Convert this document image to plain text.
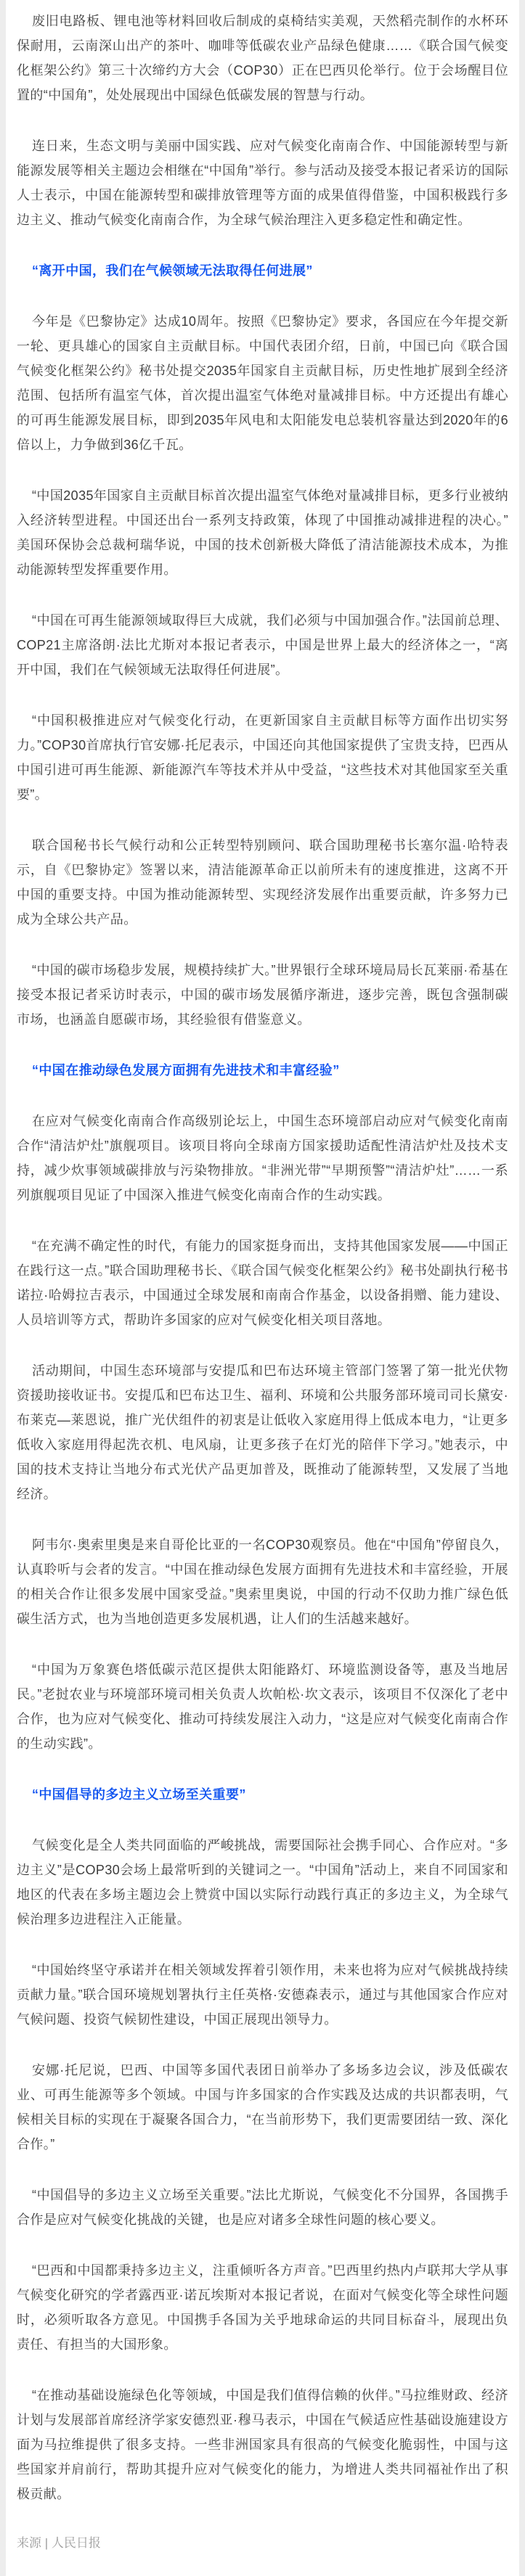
废旧电路板、锂电池等材料回收后制成的桌椅结实美观，天然稻壳制作的水杯环保耐用，云南深山出产的茶叶、咖啡等低碳农业产品绿色健康……《联合国气候变化框架公约》第三十次缔约方大会（COP30）正在巴西贝伦举行。位于会场醒目位置的“中国角”，处处展现出中国绿色低碳发展的智慧与行动。

连日来，生态文明与美丽中国实践、应对气候变化南南合作、中国能源转型与新能源发展等相关主题边会相继在“中国角”举行。参与活动及接受本报记者采访的国际人士表示，中国在能源转型和碳排放管理等方面的成果值得借鉴，中国积极践行多边主义、推动气候变化南南合作，为全球气候治理注入更多稳定性和确定性。

“离开中国，我们在气候领域无法取得任何进展”

今年是《巴黎协定》达成10周年。按照《巴黎协定》要求，各国应在今年提交新一轮、更具雄心的国家自主贡献目标。中国代表团介绍，日前，中国已向《联合国气候变化框架公约》秘书处提交2035年国家自主贡献目标，历史性地扩展到全经济范围、包括所有温室气体，首次提出温室气体绝对量减排目标。中方还提出有雄心的可再生能源发展目标，即到2035年风电和太阳能发电总装机容量达到2020年的6倍以上，力争做到36亿千瓦。

“中国2035年国家自主贡献目标首次提出温室气体绝对量减排目标，更多行业被纳入经济转型进程。中国还出台一系列支持政策，体现了中国推动减排进程的决心。”美国环保协会总裁柯瑞华说，中国的技术创新极大降低了清洁能源技术成本，为推动能源转型发挥重要作用。

“中国在可再生能源领域取得巨大成就，我们必须与中国加强合作。”法国前总理、COP21主席洛朗·法比尤斯对本报记者表示，中国是世界上最大的经济体之一，“离开中国，我们在气候领域无法取得任何进展”。

“中国积极推进应对气候变化行动，在更新国家自主贡献目标等方面作出切实努力。”COP30首席执行官安娜·托尼表示，中国还向其他国家提供了宝贵支持，巴西从中国引进可再生能源、新能源汽车等技术并从中受益，“这些技术对其他国家至关重要”。

联合国秘书长气候行动和公正转型特别顾问、联合国助理秘书长塞尔温·哈特表示，自《巴黎协定》签署以来，清洁能源革命正以前所未有的速度推进，这离不开中国的重要支持。中国为推动能源转型、实现经济发展作出重要贡献，许多努力已成为全球公共产品。

“中国的碳市场稳步发展，规模持续扩大。”世界银行全球环境局局长瓦莱丽·希基在接受本报记者采访时表示，中国的碳市场发展循序渐进，逐步完善，既包含强制碳市场，也涵盖自愿碳市场，其经验很有借鉴意义。

“中国在推动绿色发展方面拥有先进技术和丰富经验”

在应对气候变化南南合作高级别论坛上，中国生态环境部启动应对气候变化南南合作“清洁炉灶”旗舰项目。该项目将向全球南方国家援助适配性清洁炉灶及技术支持，减少炊事领域碳排放与污染物排放。“非洲光带”“早期预警”“清洁炉灶”……一系列旗舰项目见证了中国深入推进气候变化南南合作的生动实践。

“在充满不确定性的时代，有能力的国家挺身而出，支持其他国家发展——中国正在践行这一点。”联合国助理秘书长、《联合国气候变化框架公约》秘书处副执行秘书诺拉·哈姆拉吉表示，中国通过全球发展和南南合作基金，以设备捐赠、能力建设、人员培训等方式，帮助许多国家的应对气候变化相关项目落地。

活动期间，中国生态环境部与安提瓜和巴布达环境主管部门签署了第一批光伏物资援助接收证书。安提瓜和巴布达卫生、福利、环境和公共服务部环境司司长黛安·布莱克—莱恩说，推广光伏组件的初衷是让低收入家庭用得上低成本电力，“让更多低收入家庭用得起洗衣机、电风扇，让更多孩子在灯光的陪伴下学习。”她表示，中国的技术支持让当地分布式光伏产品更加普及，既推动了能源转型，又发展了当地经济。

阿韦尔·奥索里奥是来自哥伦比亚的一名COP30观察员。他在“中国角”停留良久，认真聆听与会者的发言。“中国在推动绿色发展方面拥有先进技术和丰富经验，开展的相关合作让很多发展中国家受益。”奥索里奥说，中国的行动不仅助力推广绿色低碳生活方式，也为当地创造更多发展机遇，让人们的生活越来越好。

“中国为万象赛色塔低碳示范区提供太阳能路灯、环境监测设备等，惠及当地居民。”老挝农业与环境部环境司相关负责人坎帕松·坎文表示，该项目不仅深化了老中合作，也为应对气候变化、推动可持续发展注入动力，“这是应对气候变化南南合作的生动实践”。

“中国倡导的多边主义立场至关重要”

气候变化是全人类共同面临的严峻挑战，需要国际社会携手同心、合作应对。“多边主义”是COP30会场上最常听到的关键词之一。“中国角”活动上，来自不同国家和地区的代表在多场主题边会上赞赏中国以实际行动践行真正的多边主义，为全球气候治理多边进程注入正能量。

“中国始终坚守承诺并在相关领域发挥着引领作用，未来也将为应对气候挑战持续贡献力量。”联合国环境规划署执行主任英格·安德森表示，通过与其他国家合作应对气候问题、投资气候韧性建设，中国正展现出领导力。

安娜·托尼说，巴西、中国等多国代表团日前举办了多场多边会议，涉及低碳农业、可再生能源等多个领域。中国与许多国家的合作实践及达成的共识都表明，气候相关目标的实现在于凝聚各国合力，“在当前形势下，我们更需要团结一致、深化合作。”

“中国倡导的多边主义立场至关重要。”法比尤斯说，气候变化不分国界，各国携手合作是应对气候变化挑战的关键，也是应对诸多全球性问题的核心要义。

“巴西和中国都秉持多边主义，注重倾听各方声音。”巴西里约热内卢联邦大学从事气候变化研究的学者露西亚·诺瓦埃斯对本报记者说，在面对气候变化等全球性问题时，必须听取各方意见。中国携手各国为关乎地球命运的共同目标奋斗，展现出负责任、有担当的大国形象。

“在推动基础设施绿色化等领域，中国是我们值得信赖的伙伴。”马拉维财政、经济计划与发展部首席经济学家安德烈亚·穆马表示，中国在气候适应性基础设施建设方面为马拉维提供了很多支持。一些非洲国家具有很高的气候变化脆弱性，中国与这些国家并肩前行，帮助其提升应对气候变化的能力，为增进人类共同福祉作出了积极贡献。

来源 | 人民日报
